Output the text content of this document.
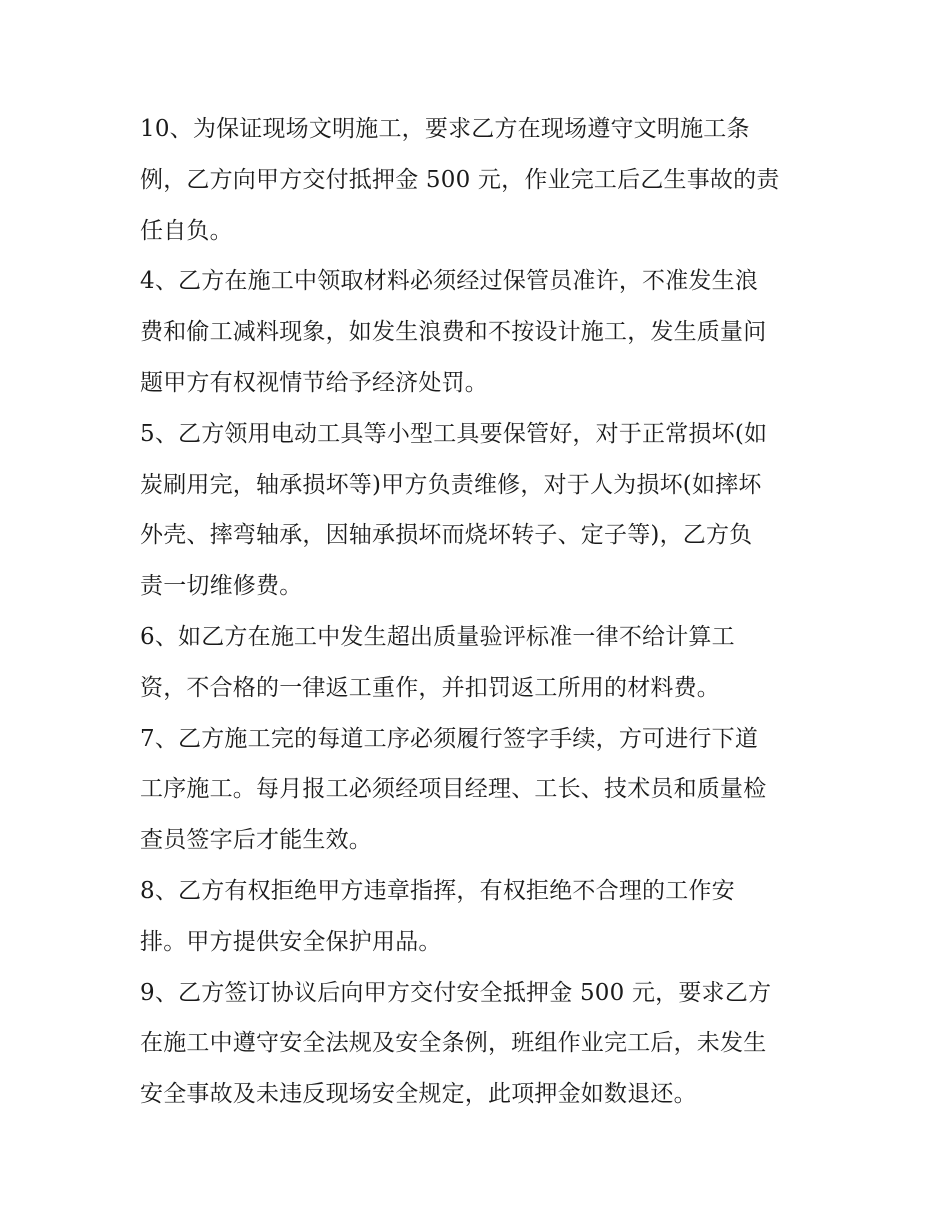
10、为保证现场文明施工，要求乙方在现场遵守文明施工条
例，乙方向甲方交付抵押金 500 元，作业完工后乙生事故的责
任自负。

4、乙方在施工中领取材料必须经过保管员准许，不准发生浪
费和偷工减料现象，如发生浪费和不按设计施工，发生质量问
题甲方有权视情节给予经济处罚。

5、乙方领用电动工具等小型工具要保管好，对于正常损坏(如
炭刷用完，轴承损坏等)甲方负责维修，对于人为损坏(如摔坏
外壳、摔弯轴承，因轴承损坏而烧坏转子、定子等)，乙方负
责一切维修费。

6、如乙方在施工中发生超出质量验评标准一律不给计算工
资，不合格的一律返工重作，并扣罚返工所用的材料费。

7、乙方施工完的每道工序必须履行签字手续，方可进行下道
工序施工。每月报工必须经项目经理、工长、技术员和质量检
查员签字后才能生效。

8、乙方有权拒绝甲方违章指挥，有权拒绝不合理的工作安
排。甲方提供安全保护用品。

9、乙方签订协议后向甲方交付安全抵押金 500 元，要求乙方
在施工中遵守安全法规及安全条例，班组作业完工后，未发生
安全事故及未违反现场安全规定，此项押金如数退还。
